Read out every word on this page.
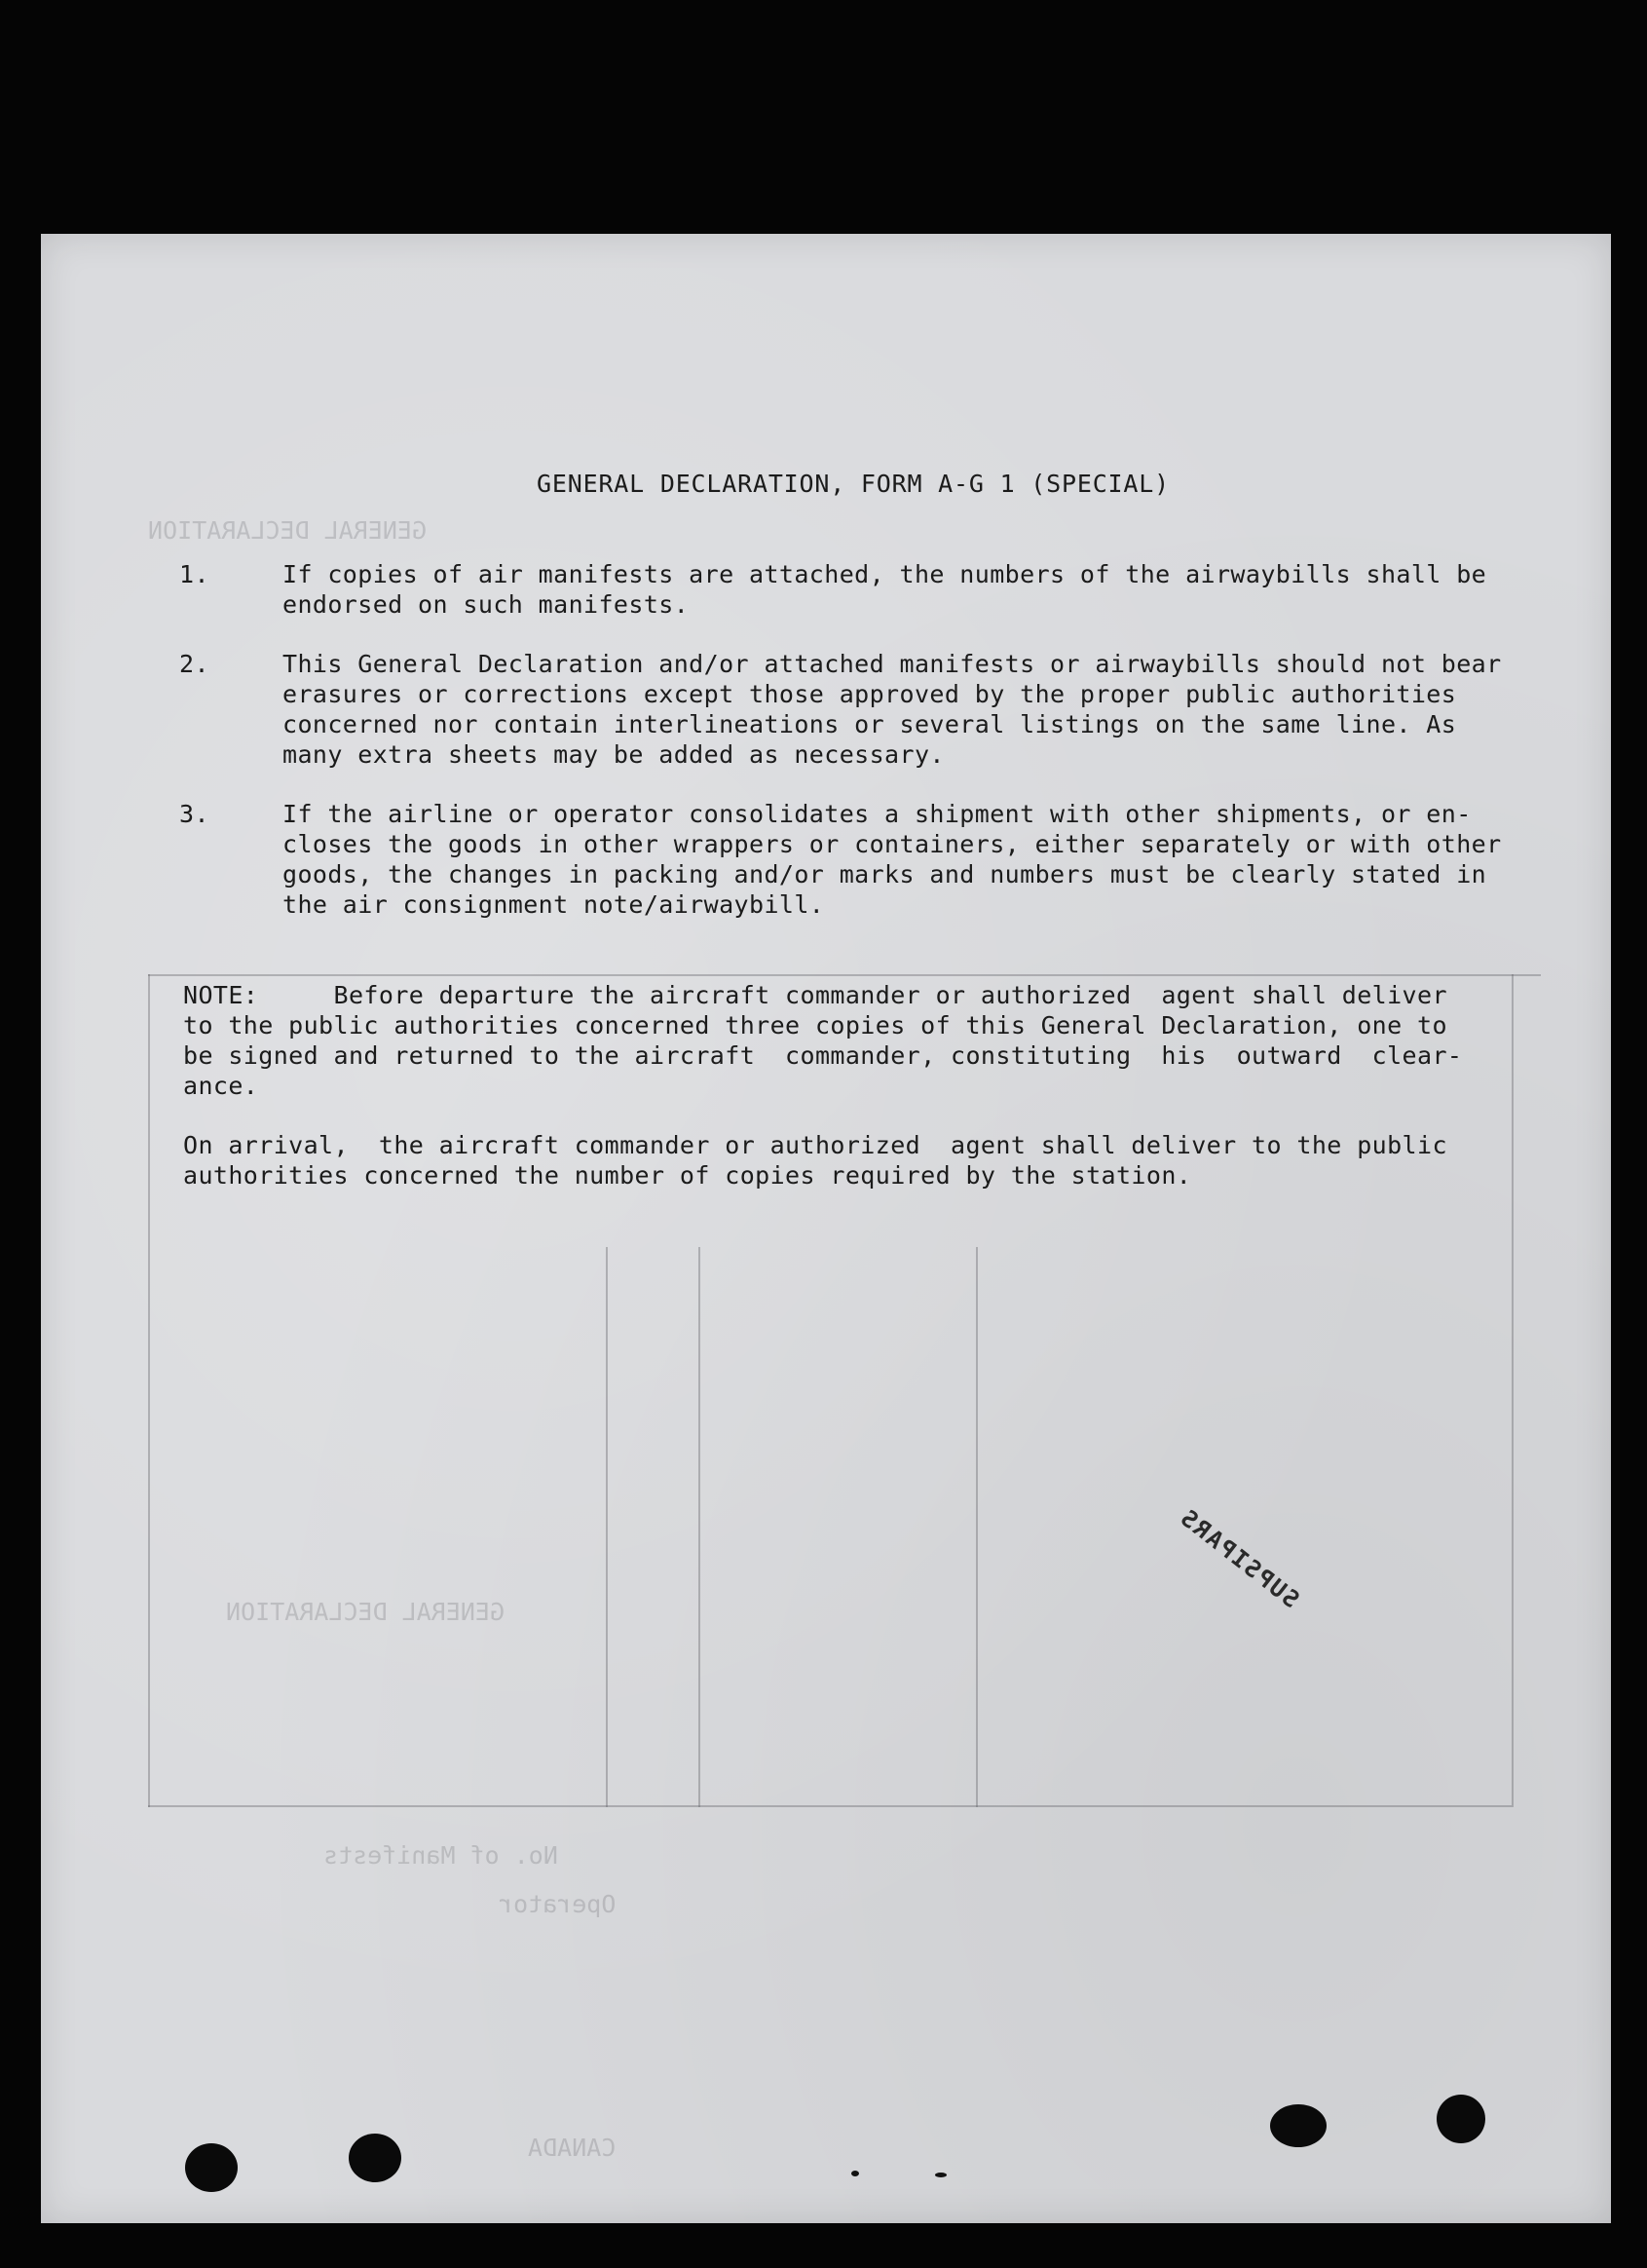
GENERAL DECLARATION
GENERAL DECLARATION
No. of Manifests
Operator
CANADA
GENERAL DECLARATION, FORM A-G 1 (SPECIAL)
1.	If copies of air manifests are attached, the numbers of the airwaybills shall be
endorsed on such manifests.
2.	This General Declaration and/or attached manifests or airwaybills should not bear
erasures or corrections except those approved by the proper public authorities
concerned nor contain interlineations or several listings on the same line. As
many extra sheets may be added as necessary.
3.	If the airline or operator consolidates a shipment with other shipments, or en-
closes the goods in other wrappers or containers, either separately or with other
goods, the changes in packing and/or marks and numbers must be clearly stated in
the air consignment note/airwaybill.
NOTE:     Before departure the aircraft commander or authorized  agent shall deliver
to the public authorities concerned three copies of this General Declaration, one to
be signed and returned to the aircraft  commander, constituting  his  outward  clear-
ance.
On arrival,  the aircraft commander or authorized  agent shall deliver to the public
authorities concerned the number of copies required by the station.
SUPSIPARS
